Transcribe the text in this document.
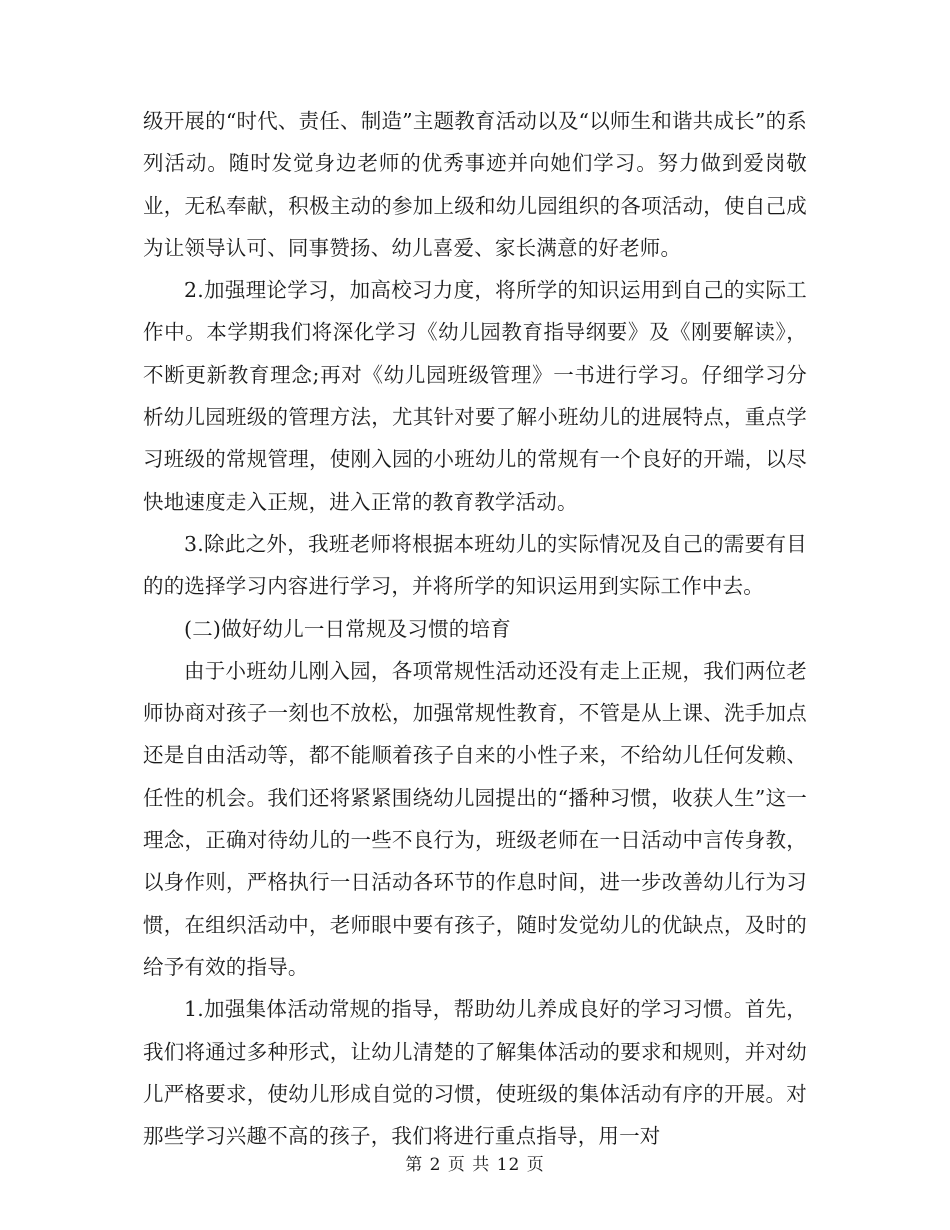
级开展的“时代、责任、制造”主题教育活动以及“以师生和谐共成长”的系列活动。随时发觉身边老师的优秀事迹并向她们学习。努力做到爱岗敬业，无私奉献，积极主动的参加上级和幼儿园组织的各项活动，使自己成为让领导认可、同事赞扬、幼儿喜爱、家长满意的好老师。

2.加强理论学习，加高校习力度，将所学的知识运用到自己的实际工作中。本学期我们将深化学习《幼儿园教育指导纲要》及《刚要解读》，不断更新教育理念;再对《幼儿园班级管理》一书进行学习。仔细学习分析幼儿园班级的管理方法，尤其针对要了解小班幼儿的进展特点，重点学习班级的常规管理，使刚入园的小班幼儿的常规有一个良好的开端，以尽快地速度走入正规，进入正常的教育教学活动。

3.除此之外，我班老师将根据本班幼儿的实际情况及自己的需要有目的的选择学习内容进行学习，并将所学的知识运用到实际工作中去。

(二)做好幼儿一日常规及习惯的培育

由于小班幼儿刚入园，各项常规性活动还没有走上正规，我们两位老师协商对孩子一刻也不放松，加强常规性教育，不管是从上课、洗手加点还是自由活动等，都不能顺着孩子自来的小性子来，不给幼儿任何发赖、任性的机会。我们还将紧紧围绕幼儿园提出的“播种习惯，收获人生”这一理念，正确对待幼儿的一些不良行为，班级老师在一日活动中言传身教，以身作则，严格执行一日活动各环节的作息时间，进一步改善幼儿行为习惯，在组织活动中，老师眼中要有孩子，随时发觉幼儿的优缺点，及时的给予有效的指导。

1.加强集体活动常规的指导，帮助幼儿养成良好的学习习惯。首先，我们将通过多种形式，让幼儿清楚的了解集体活动的要求和规则，并对幼儿严格要求，使幼儿形成自觉的习惯，使班级的集体活动有序的开展。对那些学习兴趣不高的孩子，我们将进行重点指导，用一对

第 2 页 共 12 页
